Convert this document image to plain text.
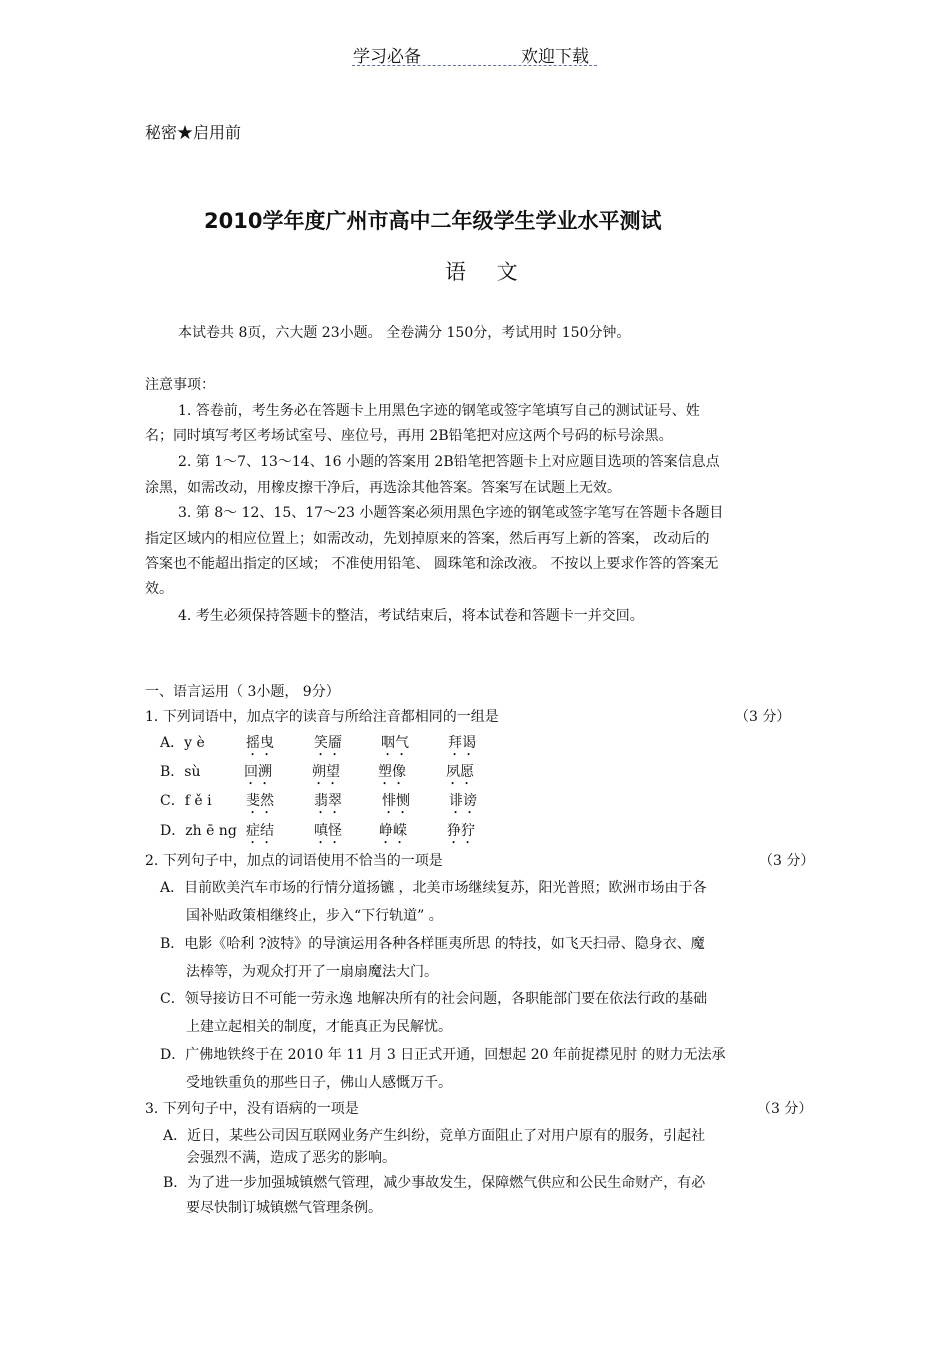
学习必备	欢迎下载
秘密★启用前
2010学年度广州市高中二年级学生学业水平测试
语 文
本试卷共 8页，六大题 23小题。 全卷满分 150分，考试用时 150分钟。
注意事项：
1. 答卷前，考生务必在答题卡上用黑色字迹的钢笔或签字笔填写自己的测试证号、姓
名；同时填写考区考场试室号、座位号，再用 2B铅笔把对应这两个号码的标号涂黑。
2. 第 1～7、13～14、16 小题的答案用 2B铅笔把答题卡上对应题目选项的答案信息点
涂黑，如需改动，用橡皮擦干净后，再选涂其他答案。答案写在试题上无效。
3. 第 8～ 12、15、17～23 小题答案必须用黑色字迹的钢笔或签字笔写在答题卡各题目
指定区域内的相应位置上；如需改动，先划掉原来的答案，然后再写上新的答案， 改动后的
答案也不能超出指定的区域； 不准使用铅笔、 圆珠笔和涂改液。 不按以上要求作答的答案无
效。
4. 考生必须保持答题卡的整洁，考试结束后，将本试卷和答题卡一并交回。
一、语言运用（ 3小题， 9分）
1. 下列词语中，加点字的读音与所给注音都相同的一组是	（3 分）
A．y è	摇曳	笑靥	咽气	拜谒
B．sù	回溯	朔望	塑像	夙愿
C．f ě i 斐然	翡翠	悱恻	诽谤
D．zh ē ng 症结	嗔怪	峥嵘	狰狞
2. 下列句子中，加点的词语使用不恰当的一项是	（3 分）
A．目前欧美汽车市场的行情分道扬镳 ，北美市场继续复苏，阳光普照；欧洲市场由于各
国补贴政策相继终止，步入“下行轨道” 。
B．电影《哈利 ?波特》的导演运用各种各样匪夷所思 的特技，如飞天扫帚、隐身衣、魔
法棒等，为观众打开了一扇扇魔法大门。
C．领导接访日不可能一劳永逸 地解决所有的社会问题，各职能部门要在依法行政的基础
上建立起相关的制度，才能真正为民解忧。
D．广佛地铁终于在 2010 年 11 月 3 日正式开通，回想起 20 年前捉襟见肘 的财力无法承
受地铁重负的那些日子，佛山人感慨万千。
3. 下列句子中，没有语病的一项是	（3 分）
A．近日，某些公司因互联网业务产生纠纷，竞单方面阻止了对用户原有的服务，引起社
会强烈不满，造成了恶劣的影响。
B．为了进一步加强城镇燃气管理，减少事故发生，保障燃气供应和公民生命财产，有必
要尽快制订城镇燃气管理条例。
